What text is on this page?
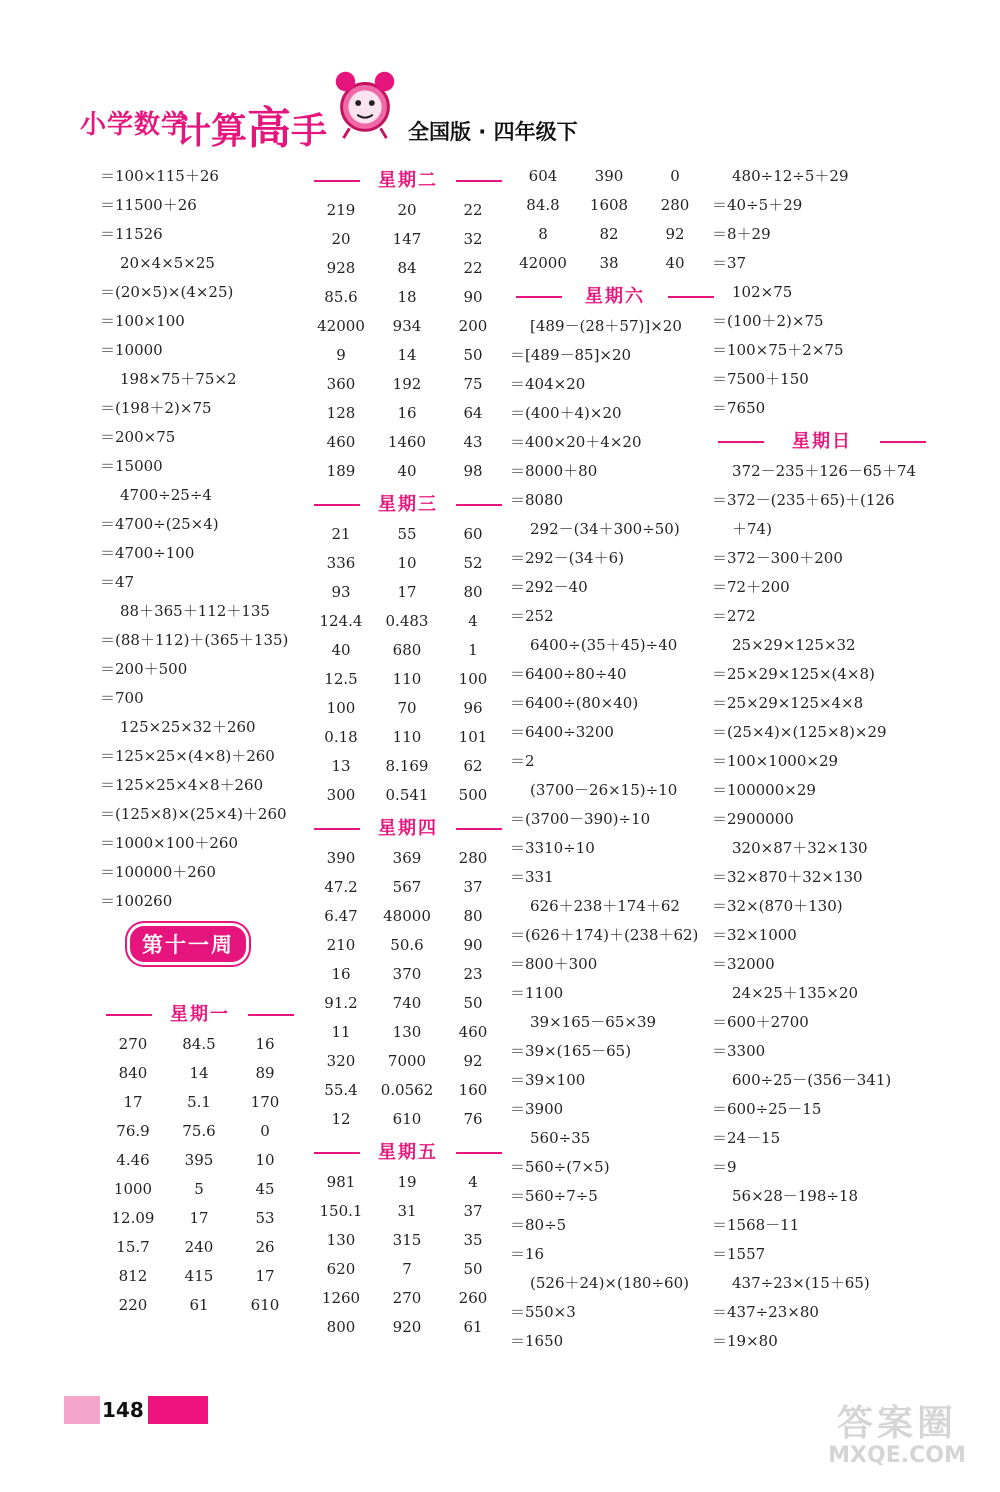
小学数学
计算高手	全国版 · 四年级下
＝100×115＋26
＝11500＋26
＝11526
20×4×5×25
＝(20×5)×(4×25)
＝100×100
＝10000
198×75＋75×2
＝(198＋2)×75
＝200×75
＝15000
4700÷25÷4
＝4700÷(25×4)
＝4700÷100
＝47
88＋365＋112＋135
＝(88＋112)＋(365＋135)
＝200＋500
＝700
125×25×32＋260
＝125×25×(4×8)＋260
＝125×25×4×8＋260
＝(125×8)×(25×4)＋260
＝1000×100＋260
＝100000＋260
＝100260
第十一周
星期一
270	84.5	16
840	14	89
17	5.1	170
76.9	75.6	0
4.46	395	10
1000	5	45
12.09	17	53
15.7	240	26
812	415	17
220	61	610
星期二
219	20	22
20	147	32
928	84	22
85.6	18	90
42000	934	200
9	14	50
360	192	75
128	16	64
460	1460	43
189	40	98
星期三
21	55	60
336	10	52
93	17	80
124.4	0.483	4
40	680	1
12.5	110	100
100	70	96
0.18	110	101
13	8.169	62
300	0.541	500
星期四
390	369	280
47.2	567	37
6.47	48000	80
210	50.6	90
16	370	23
91.2	740	50
11	130	460
320	7000	92
55.4	0.0562	160
12	610	76
星期五
981	19	4
150.1	31	37
130	315	35
620	7	50
1260	270	260
800	920	61
604	390	0
84.8	1608	280
8	82	92
42000	38	40
星期六
[489－(28＋57)]×20
＝[489－85]×20
＝404×20
＝(400＋4)×20
＝400×20＋4×20
＝8000＋80
＝8080
292－(34＋300÷50)
＝292－(34＋6)
＝292－40
＝252
6400÷(35＋45)÷40
＝6400÷80÷40
＝6400÷(80×40)
＝6400÷3200
＝2
(3700－26×15)÷10
＝(3700－390)÷10
＝3310÷10
＝331
626＋238＋174＋62
＝(626＋174)＋(238＋62)
＝800＋300
＝1100
39×165－65×39
＝39×(165－65)
＝39×100
＝3900
560÷35
＝560÷(7×5)
＝560÷7÷5
＝80÷5
＝16
(526＋24)×(180÷60)
＝550×3
＝1650
480÷12÷5＋29
＝40÷5＋29
＝8＋29
＝37
102×75
＝(100＋2)×75
＝100×75＋2×75
＝7500＋150
＝7650
星期日
372－235＋126－65＋74
＝372－(235＋65)＋(126
＋74)
＝372－300＋200
＝72＋200
＝272
25×29×125×32
＝25×29×125×(4×8)
＝25×29×125×4×8
＝(25×4)×(125×8)×29
＝100×1000×29
＝100000×29
＝2900000
320×87＋32×130
＝32×870＋32×130
＝32×(870＋130)
＝32×1000
＝32000
24×25＋135×20
＝600＋2700
＝3300
600÷25－(356－341)
＝600÷25－15
＝24－15
＝9
56×28－198÷18
＝1568－11
＝1557
437÷23×(15＋65)
＝437÷23×80
＝19×80
148	答案圈
MXQE.COM
